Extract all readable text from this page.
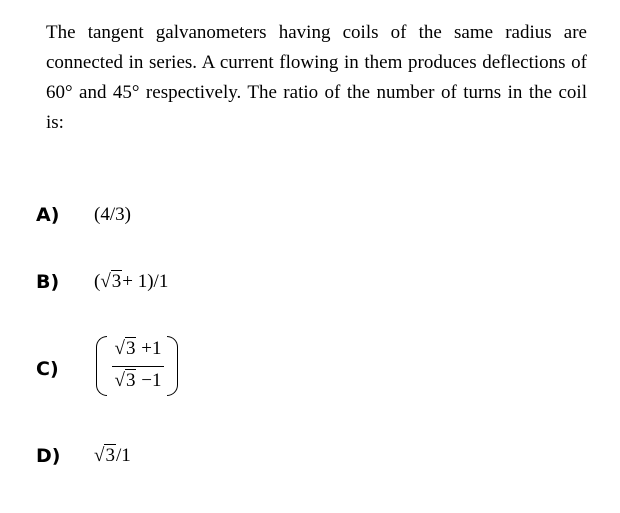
The tangent galvanometers having coils of the same radius are connected in series. A current flowing in them produces deflections of 60° and 45° respectively. The ratio of the number of turns in the coil is:
A) (4/3)
B) (√3+ 1)/1
C)
√3 +1
√3 −1
D) √3/1
